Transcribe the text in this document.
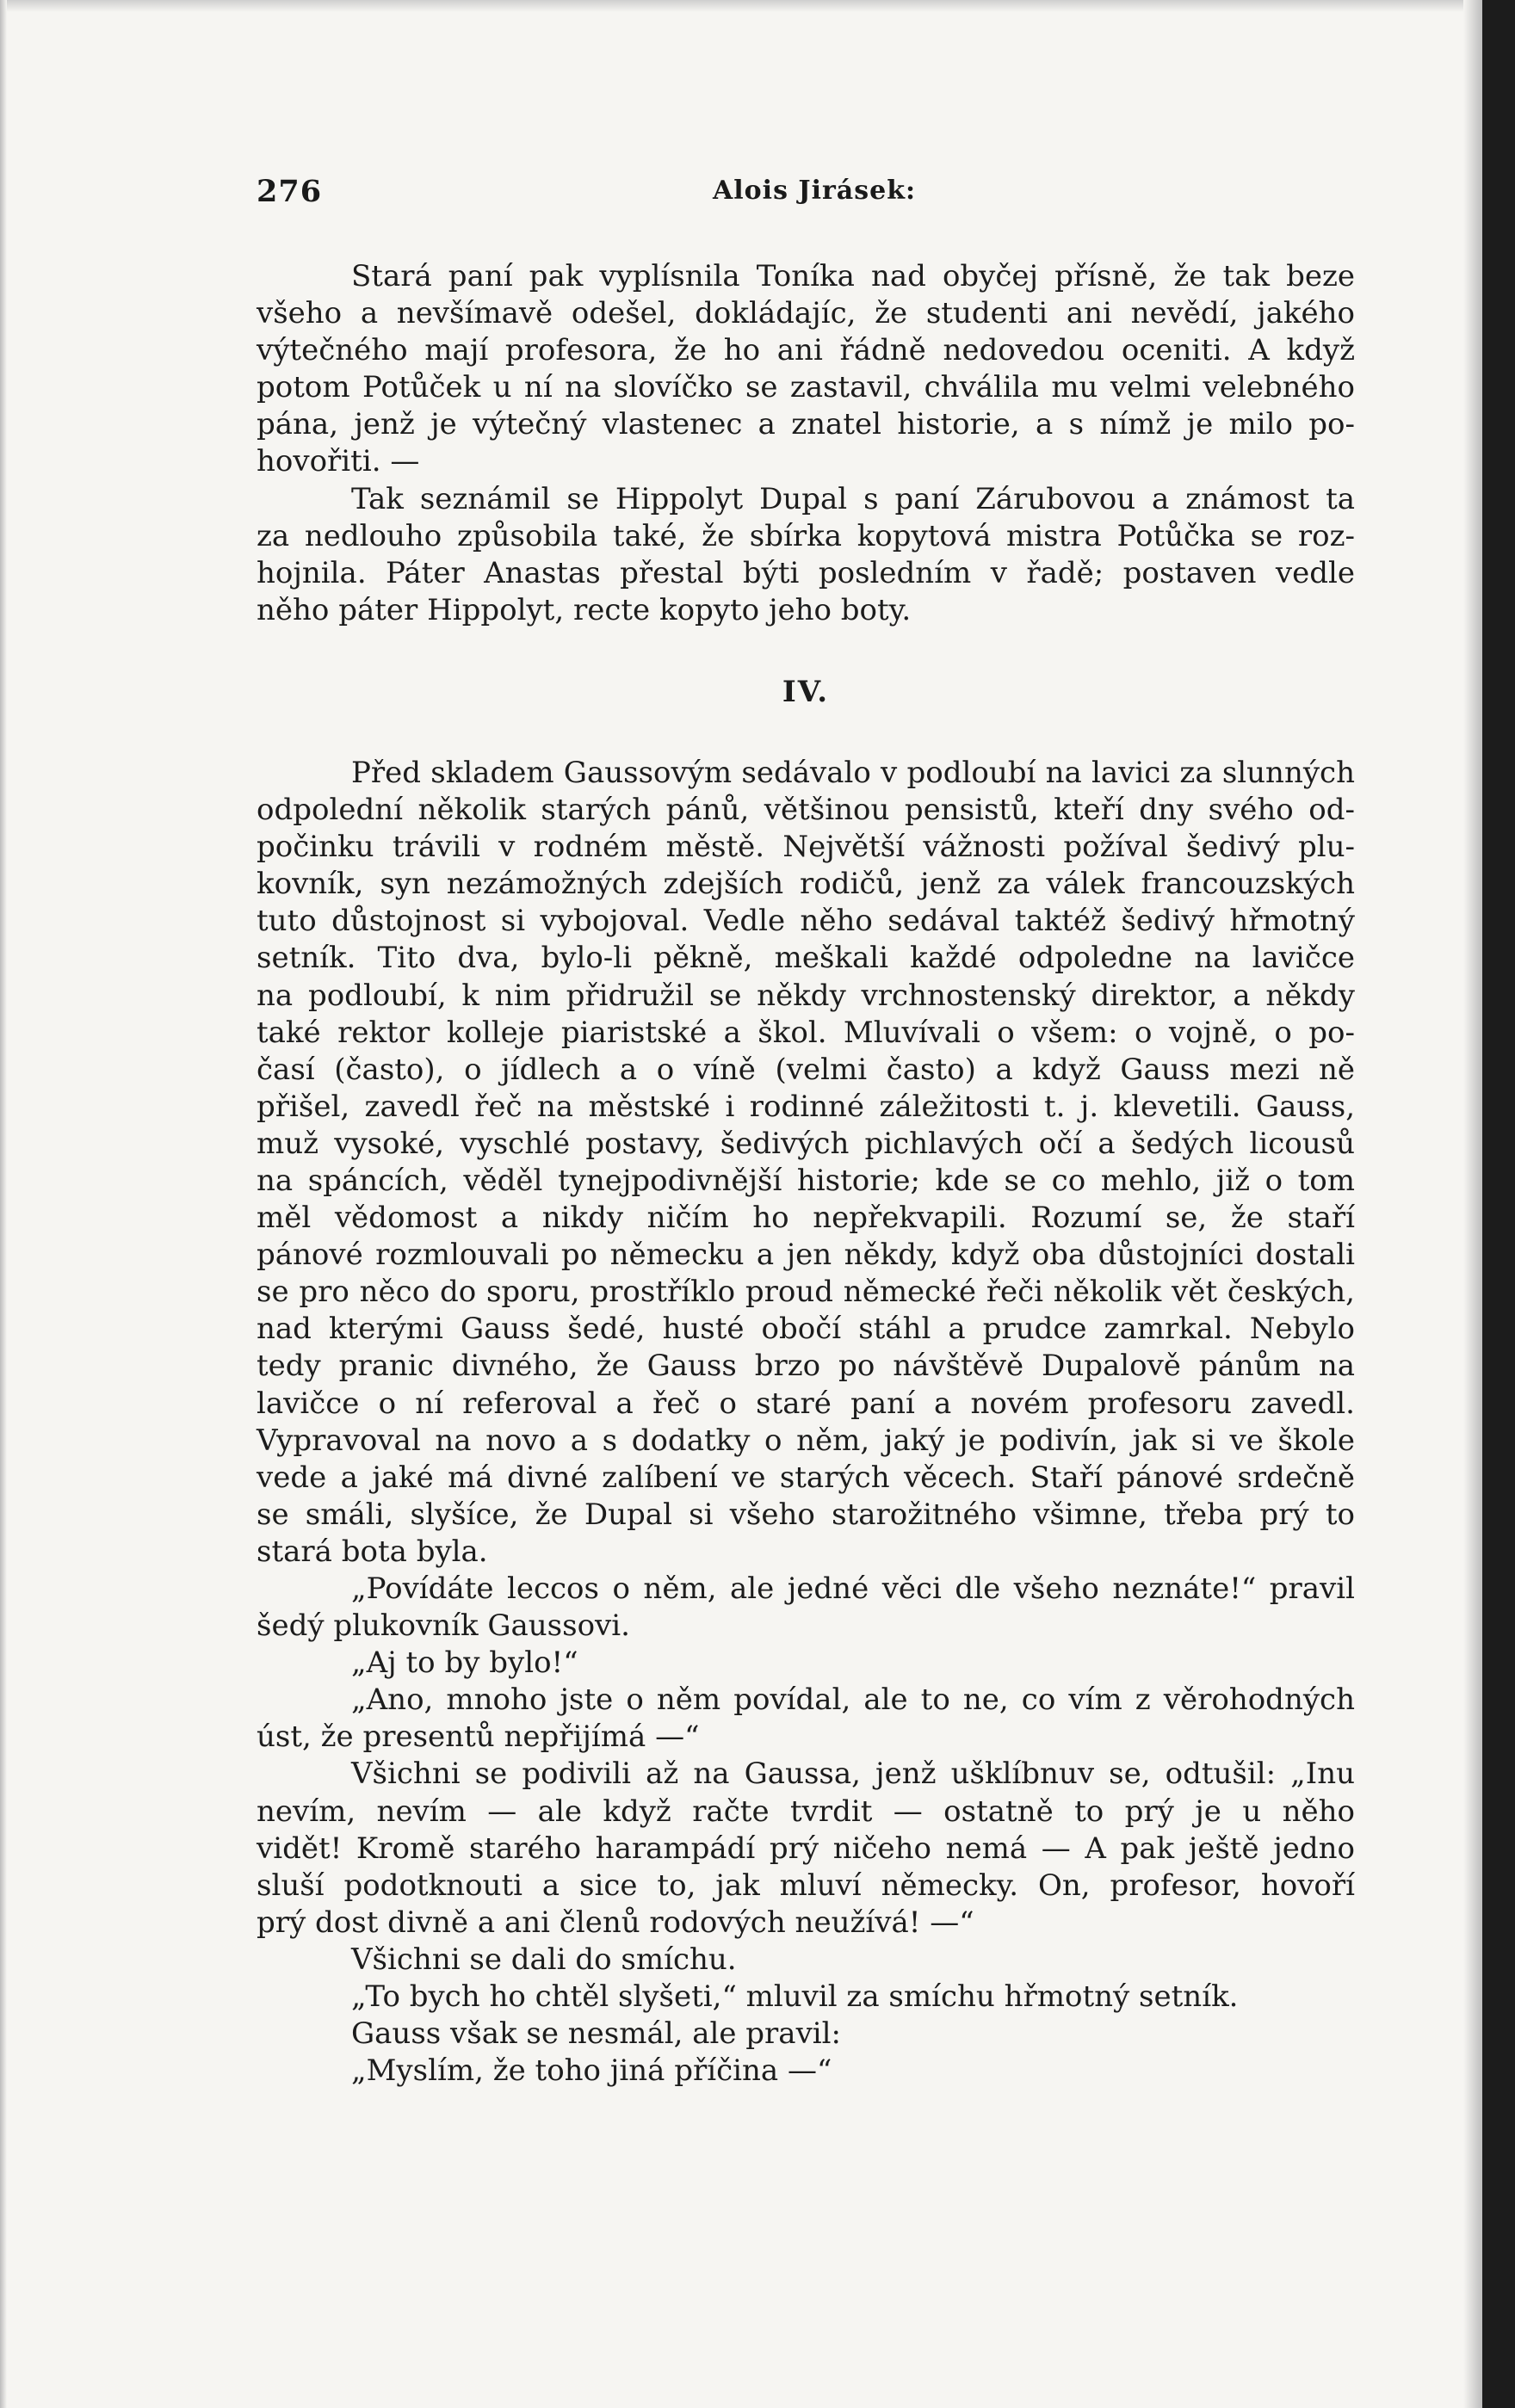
276	Alois Jirásek:
Stará paní pak vyplísnila Toníka nad obyčej přísně, že tak beze
všeho a nevšímavě odešel, dokládajíc, že studenti ani nevědí, jakého
výtečného mají profesora, že ho ani řádně nedovedou oceniti. A když
potom Potůček u ní na slovíčko se zastavil, chválila mu velmi velebného
pána, jenž je výtečný vlastenec a znatel historie, a s nímž je milo po-
hovořiti. —
Tak seznámil se Hippolyt Dupal s paní Zárubovou a známost ta
za nedlouho způsobila také, že sbírka kopytová mistra Potůčka se roz-
hojnila. Páter Anastas přestal býti posledním v řadě; postaven vedle
něho páter Hippolyt, recte kopyto jeho boty.
IV.
Před skladem Gaussovým sedávalo v podloubí na lavici za slunných
odpolední několik starých pánů, většinou pensistů, kteří dny svého od-
počinku trávili v rodném městě. Největší vážnosti požíval šedivý plu-
kovník, syn nezámožných zdejších rodičů, jenž za válek francouzských
tuto důstojnost si vybojoval. Vedle něho sedával taktéž šedivý hřmotný
setník. Tito dva, bylo-li pěkně, meškali každé odpoledne na lavičce
na podloubí, k nim přidružil se někdy vrchnostenský direktor, a někdy
také rektor kolleje piaristské a škol. Mluvívali o všem: o vojně, o po-
časí (často), o jídlech a o víně (velmi často) a když Gauss mezi ně
přišel, zavedl řeč na městské i rodinné záležitosti t. j. klevetili. Gauss,
muž vysoké, vyschlé postavy, šedivých pichlavých očí a šedých licousů
na spáncích, věděl tynejpodivnější historie; kde se co mehlo, již o tom
měl vědomost a nikdy ničím ho nepřekvapili. Rozumí se, že staří
pánové rozmlouvali po německu a jen někdy, když oba důstojníci dostali
se pro něco do sporu, prostříklo proud německé řeči několik vět českých,
nad kterými Gauss šedé, husté obočí stáhl a prudce zamrkal. Nebylo
tedy pranic divného, že Gauss brzo po návštěvě Dupalově pánům na
lavičce o ní referoval a řeč o staré paní a novém profesoru zavedl.
Vypravoval na novo a s dodatky o něm, jaký je podivín, jak si ve škole
vede a jaké má divné zalíbení ve starých věcech. Staří pánové srdečně
se smáli, slyšíce, že Dupal si všeho starožitného všimne, třeba prý to
stará bota byla.
„Povídáte leccos o něm, ale jedné věci dle všeho neznáte!“ pravil
šedý plukovník Gaussovi.
„Aj to by bylo!“
„Ano, mnoho jste o něm povídal, ale to ne, co vím z věrohodných
úst, že presentů nepřijímá —“
Všichni se podivili až na Gaussa, jenž ušklíbnuv se, odtušil: „Inu
nevím, nevím — ale když račte tvrdit — ostatně to prý je u něho
vidět! Kromě starého harampádí prý ničeho nemá — A pak ještě jedno
sluší podotknouti a sice to, jak mluví německy. On, profesor, hovoří
prý dost divně a ani členů rodových neužívá! —“
Všichni se dali do smíchu.
„To bych ho chtěl slyšeti,“ mluvil za smíchu hřmotný setník.
Gauss však se nesmál, ale pravil:
„Myslím, že toho jiná příčina —“
